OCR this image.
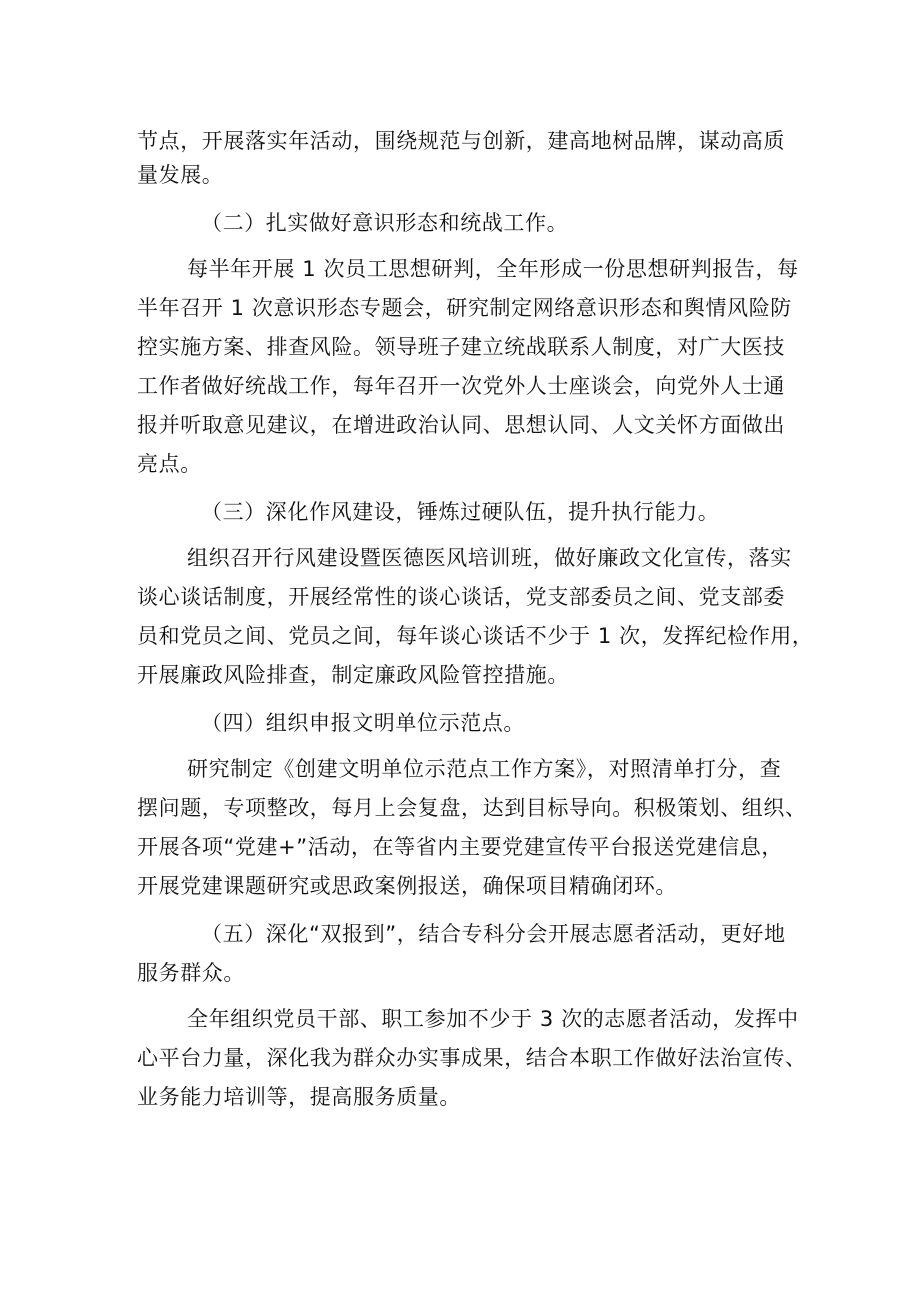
节点，开展落实年活动，围绕规范与创新，建高地树品牌，谋动高质
量发展。
（二）扎实做好意识形态和统战工作。
每半年开展 1 次员工思想研判，全年形成一份思想研判报告，每
半年召开 1 次意识形态专题会，研究制定网络意识形态和舆情风险防
控实施方案、排查风险。领导班子建立统战联系人制度，对广大医技
工作者做好统战工作，每年召开一次党外人士座谈会，向党外人士通
报并听取意见建议，在增进政治认同、思想认同、人文关怀方面做出
亮点。
（三）深化作风建设，锤炼过硬队伍，提升执行能力。
组织召开行风建设暨医德医风培训班，做好廉政文化宣传，落实
谈心谈话制度，开展经常性的谈心谈话，党支部委员之间、党支部委
员和党员之间、党员之间，每年谈心谈话不少于 1 次，发挥纪检作用，
开展廉政风险排查，制定廉政风险管控措施。
（四）组织申报文明单位示范点。
研究制定《创建文明单位示范点工作方案》，对照清单打分，查
摆问题，专项整改，每月上会复盘，达到目标导向。积极策划、组织、
开展各项“党建+”活动，在等省内主要党建宣传平台报送党建信息，
开展党建课题研究或思政案例报送，确保项目精确闭环。
（五）深化“双报到”，结合专科分会开展志愿者活动，更好地
服务群众。
全年组织党员干部、职工参加不少于 3 次的志愿者活动，发挥中
心平台力量，深化我为群众办实事成果，结合本职工作做好法治宣传、
业务能力培训等，提高服务质量。
